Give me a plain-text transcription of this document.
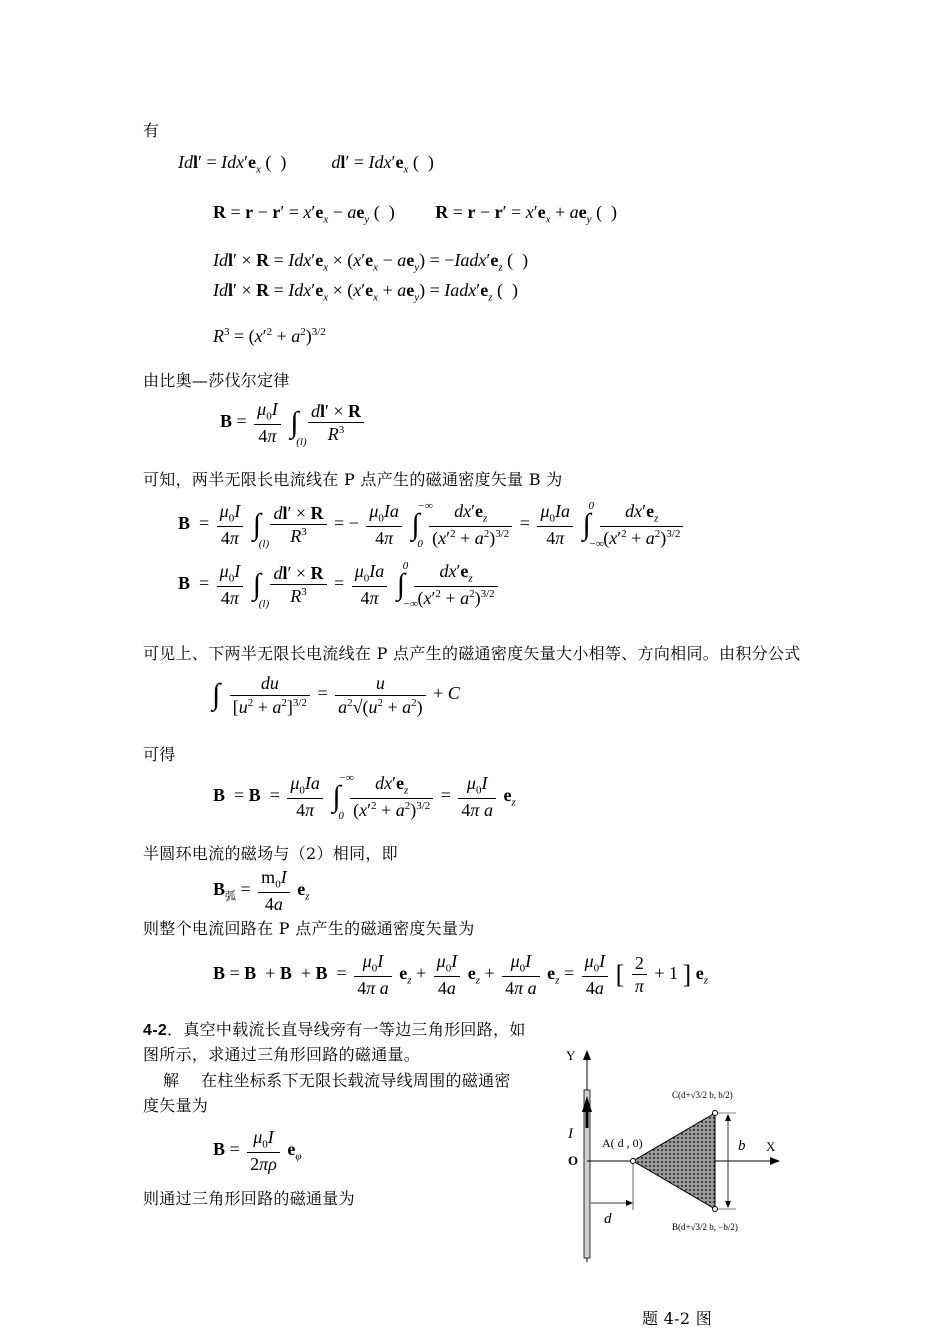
有
$Idl' = Idx'e_x$ (  )          $dl' = Idx'e_x$ (  )
$R = r - r' = x'e_x - ae_y$ (  )         $R = r - r' = x'e_x + ae_y$ (  )
$Idl' \times R = Idx'e_x \times (x'e_x - ae_y)$ = $-Iadx'e_z$ (  )
$Idl' \times R = Idx'e_x \times (x'e_x + ae_y)$ = $Iadx'e_z$ (  )
$R^3 = (x'^2 + a^2)^{3/2}$
由比奥—莎伐尔定律
$B = \frac{\mu_0I}{4\pi}$ ∫
(l)
$\frac{dl' \times R}{R^3}$
可知，两半无限长电流线在 P 点产生的磁通密度矢量 B 为
$B = \frac{\mu_0I}{4\pi}$ ∫
(l)
$\frac{dl' \times R}{R^3}$ = − $\frac{\mu_0Ia}{4\pi}$ ∫
−∞
0
$\frac{dx'e_z}{(x'^2 + a^2)^{3/2}} = \frac{\mu_0Ia}{4\pi}$ ∫
0
−∞

$\frac{dx'e_z}{(x'^2 + a^2)^{3/2}}$
$B = \frac{\mu_0I}{4\pi}$ ∫
(l)
$\frac{dl' \times R}{R^3} = \frac{\mu_0Ia}{4\pi}$ ∫
0
−∞

$\frac{dx'e_z}{(x'^2 + a^2)^{3/2}}$
可见上、下两半无限长电流线在 P 点产生的磁通密度矢量大小相等、方向相同。由积分公式
∫ $\frac{du}{[u^2 + a^2]^{3/2}} = \frac{u}{a^2√(u^2 + a^2)} + C$
可得
$B = B = \frac{\mu_0Ia}{4\pi}$ ∫
−∞
0
$\frac{dx'e_z}{(x'^2 + a^2)^{3/2}} = \frac{\mu_0I}{\text{4π a}} e_z$
半圆环电流的磁场与（2）相同，即
$B_弧 = \frac{m_0I}{4a} e_z$
则整个电流回路在 P 点产生的磁通密度矢量为
$B = B + B + B = \frac{\mu_0I}{\text{4π a}} e_z + \frac{\mu_0I}{4a} e_z + \frac{\mu_0I}{\text{4π a}} e_z = \frac{\mu_0I}{4a}$ [ $\frac{2}{\pi} + 1$ ] $e_z$
4-2．真空中载流长直导线旁有一等边三角形回路，如
图所示，求通过三角形回路的磁通量。
解　 在柱坐标系下无限长载流导线周围的磁通密
度矢量为
$B = \frac{\mu_0I}{2\pi\rho} e_\varphi$
则通过三角形回路的磁通量为
Y
X
O
I
A( d , 0)	b
d
C(d+√3/2 b, b/2)
B(d+√3/2 b, −b/2)
题 4-2 图
